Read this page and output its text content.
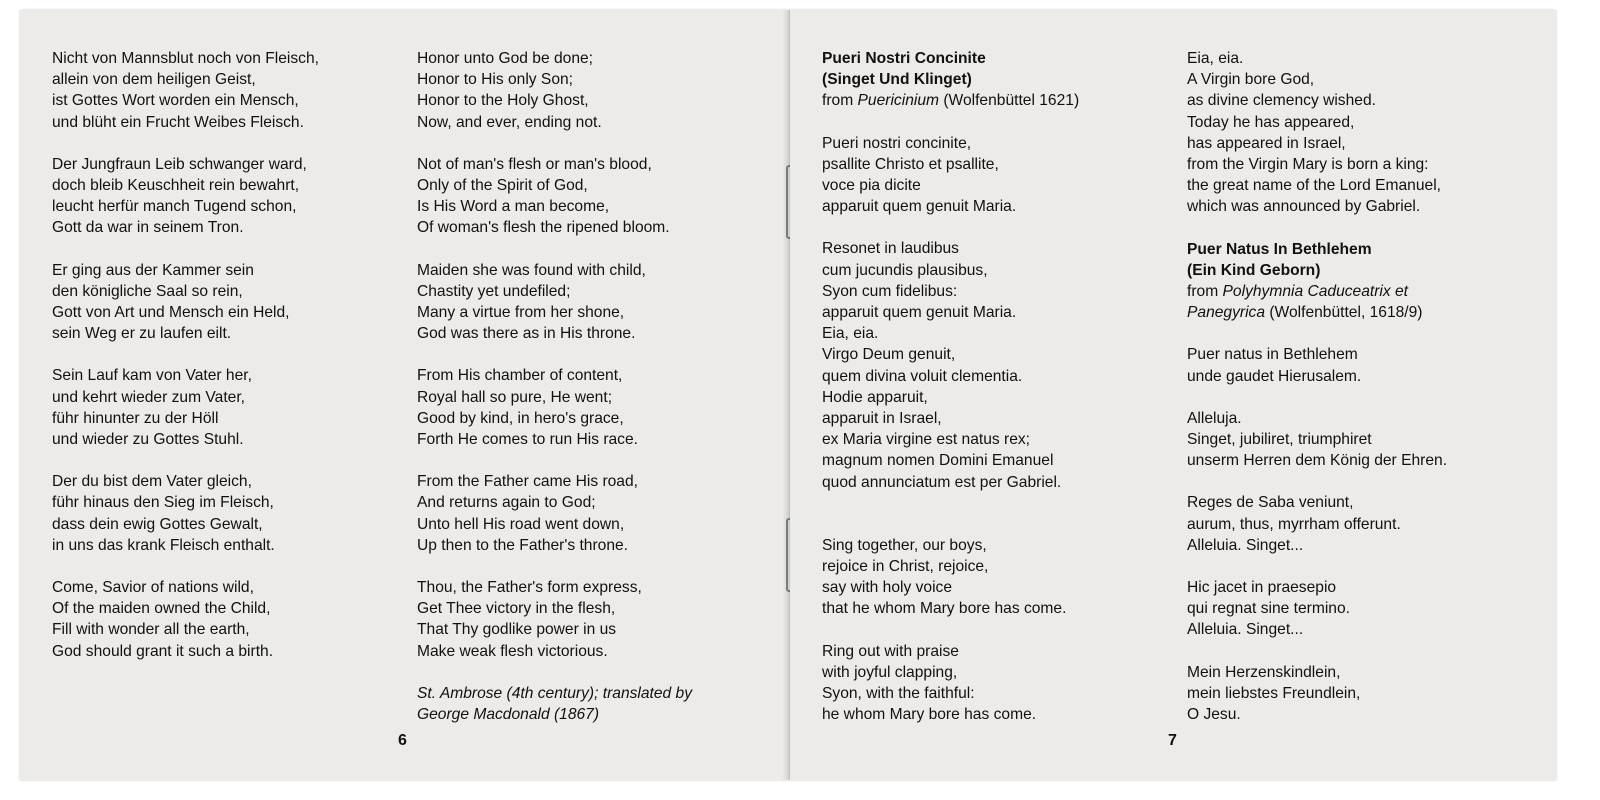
Nicht von Mannsblut noch von Fleisch,
allein von dem heiligen Geist,
ist Gottes Wort worden ein Mensch,
und blüht ein Frucht Weibes Fleisch.
Der Jungfraun Leib schwanger ward,
doch bleib Keuschheit rein bewahrt,
leucht herfür manch Tugend schon,
Gott da war in seinem Tron.
Er ging aus der Kammer sein
den königliche Saal so rein,
Gott von Art und Mensch ein Held,
sein Weg er zu laufen eilt.
Sein Lauf kam von Vater her,
und kehrt wieder zum Vater,
führ hinunter zu der Höll
und wieder zu Gottes Stuhl.
Der du bist dem Vater gleich,
führ hinaus den Sieg im Fleisch,
dass dein ewig Gottes Gewalt,
in uns das krank Fleisch enthalt.
Come, Savior of nations wild,
Of the maiden owned the Child,
Fill with wonder all the earth,
God should grant it such a birth.
Honor unto God be done;
Honor to His only Son;
Honor to the Holy Ghost,
Now, and ever, ending not.
Not of man's flesh or man's blood,
Only of the Spirit of God,
Is His Word a man become,
Of woman's flesh the ripened bloom.
Maiden she was found with child,
Chastity yet undefiled;
Many a virtue from her shone,
God was there as in His throne.
From His chamber of content,
Royal hall so pure, He went;
Good by kind, in hero's grace,
Forth He comes to run His race.
From the Father came His road,
And returns again to God;
Unto hell His road went down,
Up then to the Father's throne.
Thou, the Father's form express,
Get Thee victory in the flesh,
That Thy godlike power in us
Make weak flesh victorious.
St. Ambrose (4th century); translated by
George Macdonald (1867)
6
Pueri Nostri Concinite
(Singet Und Klinget)
from Puericinium (Wolfenbüttel 1621)
Pueri nostri concinite,
psallite Christo et psallite,
voce pia dicite
apparuit quem genuit Maria.
Resonet in laudibus
cum jucundis plausibus,
Syon cum fidelibus:
apparuit quem genuit Maria.
Eia, eia.
Virgo Deum genuit,
quem divina voluit clementia.
Hodie apparuit,
apparuit in Israel,
ex Maria virgine est natus rex;
magnum nomen Domini Emanuel
quod annunciatum est per Gabriel.
Sing together, our boys,
rejoice in Christ, rejoice,
say with holy voice
that he whom Mary bore has come.
Ring out with praise
with joyful clapping,
Syon, with the faithful:
he whom Mary bore has come.
Eia, eia.
A Virgin bore God,
as divine clemency wished.
Today he has appeared,
has appeared in Israel,
from the Virgin Mary is born a king:
the great name of the Lord Emanuel,
which was announced by Gabriel.
Puer Natus In Bethlehem
(Ein Kind Geborn)
from Polyhymnia Caduceatrix et
Panegyrica (Wolfenbüttel, 1618/9)
Puer natus in Bethlehem
unde gaudet Hierusalem.
Alleluja.
Singet, jubiliret, triumphiret
unserm Herren dem König der Ehren.
Reges de Saba veniunt,
aurum, thus, myrrham offerunt.
Alleluia. Singet...
Hic jacet in praesepio
qui regnat sine termino.
Alleluia. Singet...
Mein Herzenskindlein,
mein liebstes Freundlein,
O Jesu.
7
